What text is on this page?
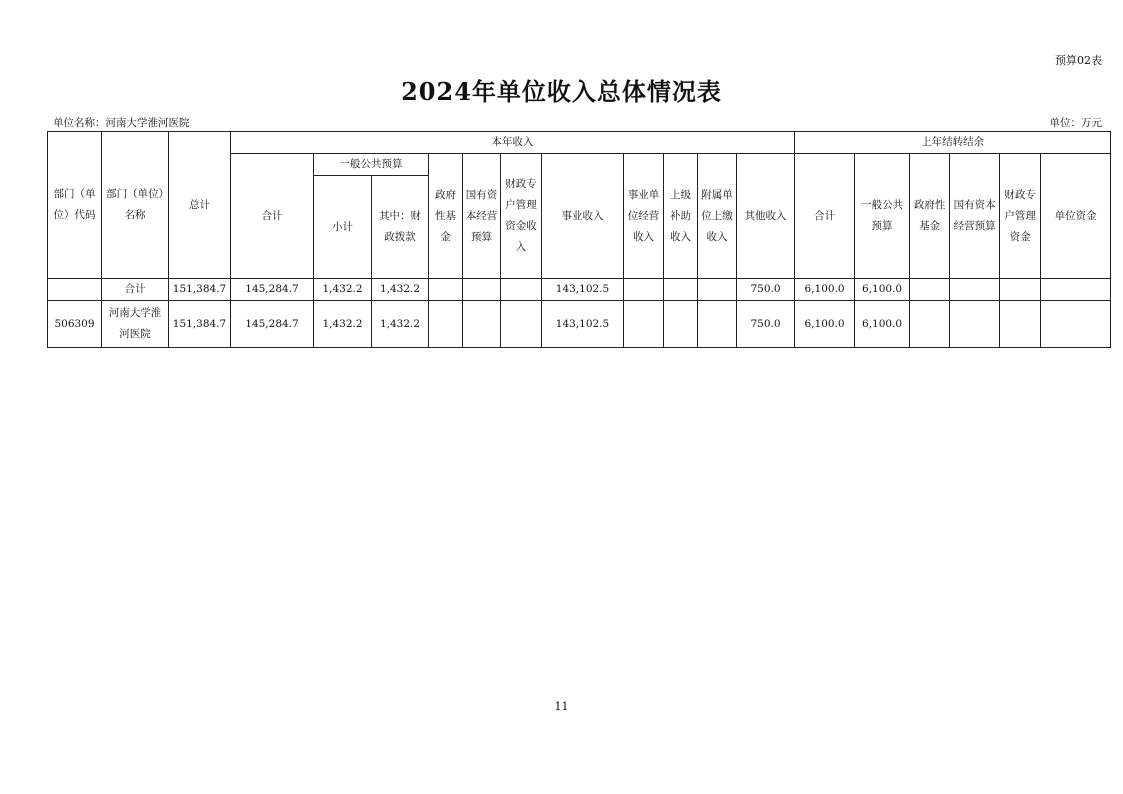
预算02表
2024年单位收入总体情况表
单位名称：河南大学淮河医院	单位：万元
部门（单位）代码	部门（单位）名称	总计	本年收入											上年结转结余					
			合计	一般公共预算		政府性基金	国有资本经营预算	财政专户管理资金收入	事业收入	事业单位经营收入	上级补助收入	附属单位上缴收入	其他收入	合计	一般公共预算	政府性基金	国有资本经营预算	财政专户管理资金	单位资金
				小计	其中：财政拨款														
	合计	151,384.7	145,284.7	1,432.2	1,432.2				143,102.5				750.0	6,100.0	6,100.0				
506309	河南大学淮河医院	151,384.7	145,284.7	1,432.2	1,432.2				143,102.5				750.0	6,100.0	6,100.0				
11
